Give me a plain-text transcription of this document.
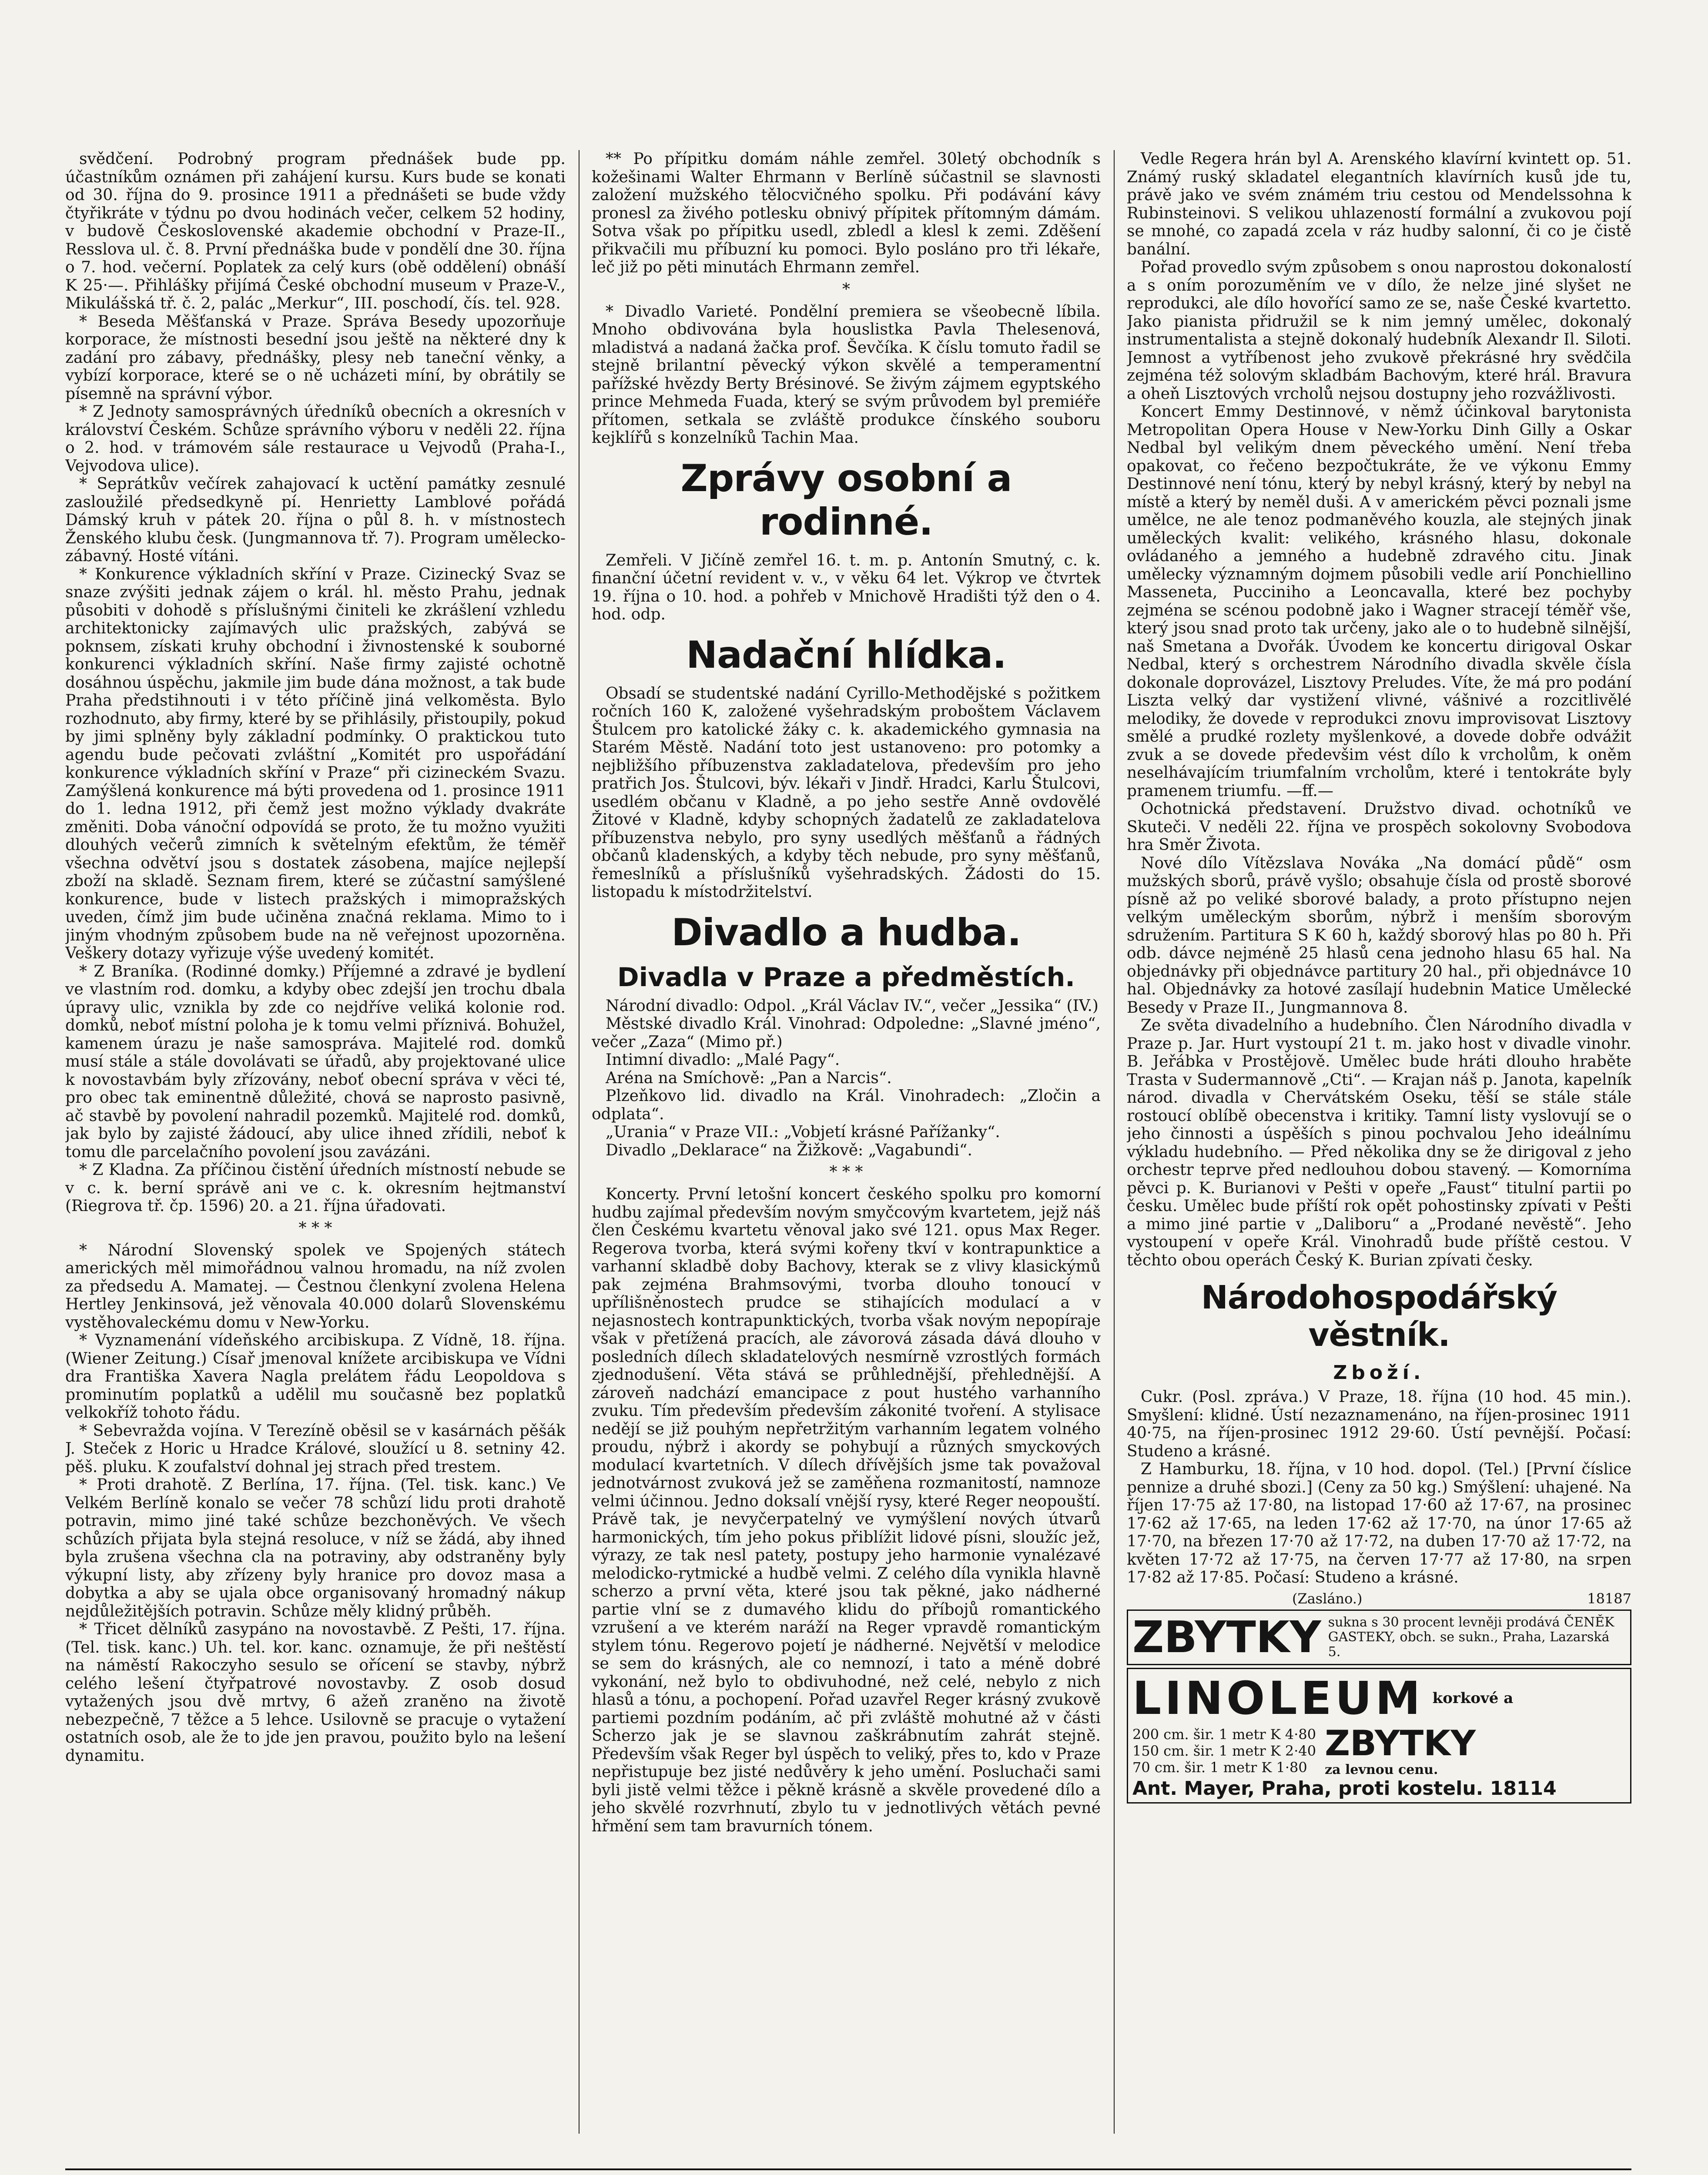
svědčení. Podrobný program přednášek bude pp. účastníkům oznámen při zahájení kursu. Kurs bude se konati od 30. října do 9. prosince 1911 a přednášeti se bude vždy čtyřikráte v týdnu po dvou hodinách večer, celkem 52 hodiny, v budově Československé akademie obchodní v Praze-II., Resslova ul. č. 8. První přednáška bude v pondělí dne 30. října o 7. hod. večerní. Poplatek za celý kurs (obě oddělení) obnáší K 25·—. Přihlášky přijímá České obchodní museum v Praze-V., Mikulášská tř. č. 2, palác „Merkur“, III. poschodí, čís. tel. 928.

* Beseda Měšťanská v Praze. Správa Besedy upozorňuje korporace, že místnosti besední jsou ještě na některé dny k zadání pro zábavy, přednášky, plesy neb taneční věnky, a vybízí korporace, které se o ně ucházeti míní, by obrátily se písemně na správní výbor.

* Z Jednoty samosprávných úředníků obecních a okresních v království Českém. Schůze správního výboru v neděli 22. října o 2. hod. v trámovém sále restaurace u Vejvodů (Praha-I., Vejvodova ulice).

* Seprátkův večírek zahajovací k uctění památky zesnulé zasloužilé předsedkyně pí. Henrietty Lamblové pořádá Dámský kruh v pátek 20. října o půl 8. h. v místnostech Ženského klubu česk. (Jungmannova tř. 7). Program umělecko-zábavný. Hosté vítáni.

* Konkurence výkladních skříní v Praze. Cizinecký Svaz se snaze zvýšiti jednak zájem o král. hl. město Prahu, jednak působiti v dohodě s příslušnými činiteli ke zkrášlení vzhledu architektonicky zajímavých ulic pražských, zabývá se poknsem, získati kruhy obchodní i živnostenské k souborné konkurenci výkladních skříní. Naše firmy zajisté ochotně dosáhnou úspěchu, jakmile jim bude dána možnost, a tak bude Praha předstihnouti i v této příčině jiná velkoměsta. Bylo rozhodnuto, aby firmy, které by se přihlásily, přistoupily, pokud by jimi splněny byly základní podmínky. O praktickou tuto agendu bude pečovati zvláštní „Komitét pro uspořádání konkurence výkladních skříní v Praze“ při cizineckém Svazu. Zamýšlená konkurence má býti provedena od 1. prosince 1911 do 1. ledna 1912, při čemž jest možno výklady dvakráte změniti. Doba vánoční odpovídá se proto, že tu možno využiti dlouhých večerů zimních k světelným efektům, že téměř všechna odvětví jsou s dostatek zásobena, majíce nejlepší zboží na skladě. Seznam firem, které se zúčastní samýšlené konkurence, bude v listech pražských i mimopražských uveden, čímž jim bude učiněna značná reklama. Mimo to i jiným vhodným způsobem bude na ně veřejnost upozorněna. Veškery dotazy vyřizuje výše uvedený komitét.

* Z Braníka. (Rodinné domky.) Příjemné a zdravé je bydlení ve vlastním rod. domku, a kdyby obec zdejší jen trochu dbala úpravy ulic, vznikla by zde co nejdříve veliká kolonie rod. domků, neboť místní poloha je k tomu velmi příznivá. Bohužel, kamenem úrazu je naše samospráva. Majitelé rod. domků musí stále a stále dovolávati se úřadů, aby projektované ulice k novostavbám byly zřízovány, neboť obecní správa v věci té, pro obec tak eminentně důležité, chová se naprosto pasivně, ač stavbě by povolení nahradil pozemků. Majitelé rod. domků, jak bylo by zajisté žádoucí, aby ulice ihned zřídili, neboť k tomu dle parcelačního povolení jsou zavázáni.

* Z Kladna. Za příčinou čistění úředních místností nebude se v c. k. berní správě ani ve c. k. okresním hejtmanství (Riegrova tř. čp. 1596) 20. a 21. října úřadovati.

* * *

* Národní Slovenský spolek ve Spojených státech amerických měl mimořádnou valnou hromadu, na níž zvolen za předsedu A. Mamatej. — Čestnou členkyní zvolena Helena Hertley Jenkinsová, jež věnovala 40.000 dolarů Slovenskému vystěhovaleckému domu v New-Yorku.

* Vyznamenání vídeňského arcibiskupa. Z Vídně, 18. října. (Wiener Zeitung.) Císař jmenoval knížete arcibiskupa ve Vídni dra Františka Xavera Nagla prelátem řádu Leopoldova s prominutím poplatků a udělil mu současně bez poplatků velkokříž tohoto řádu.

* Sebevražda vojína. V Terezíně oběsil se v kasárnách pěšák J. Steček z Horic u Hradce Králové, sloužící u 8. setniny 42. pěš. pluku. K zoufalství dohnal jej strach před trestem.

* Proti drahotě. Z Berlína, 17. října. (Tel. tisk. kanc.) Ve Velkém Berlíně konalo se večer 78 schůzí lidu proti drahotě potravin, mimo jiné také schůze bezchoněvých. Ve všech schůzích přijata byla stejná resoluce, v níž se žádá, aby ihned byla zrušena všechna cla na potraviny, aby odstraněny byly výkupní listy, aby zřízeny byly hranice pro dovoz masa a dobytka a aby se ujala obce organisovaný hromadný nákup nejdůležitějších potravin. Schůze měly klidný průběh.

* Třicet dělníků zasypáno na novostavbě. Z Pešti, 17. října. (Tel. tisk. kanc.) Uh. tel. kor. kanc. oznamuje, že při neštěstí na náměstí Rakoczyho sesulo se ořícení se stavby, nýbrž celého lešení čtyřpatrové novostavby. Z osob dosud vytažených jsou dvě mrtvy, 6 ažeň zraněno na životě nebezpečně, 7 těžce a 5 lehce. Usilovně se pracuje o vytažení ostatních osob, ale že to jde jen pravou, použito bylo na lešení dynamitu.

** Po přípitku domám náhle zemřel. 30letý obchodník s kožešinami Walter Ehrmann v Berlíně súčastnil se slavnosti založení mužského tělocvičného spolku. Při podávání kávy pronesl za živého potlesku obnivý přípitek přítomným dámám. Sotva však po přípitku usedl, zbledl a klesl k zemi. Zděšení přikvačili mu příbuzní ku pomoci. Bylo posláno pro tři lékaře, leč již po pěti minutách Ehrmann zemřel.

*

* Divadlo Varieté. Pondělní premiera se všeobecně líbila. Mnoho obdivována byla houslistka Pavla Thelesenová, mladistvá a nadaná žačka prof. Ševčíka. K číslu tomuto řadil se stejně brilantní pěvecký výkon skvělé a temperamentní pařížské hvězdy Berty Brésinové. Se živým zájmem egyptského prince Mehmeda Fuada, který se svým průvodem byl premiéře přítomen, setkala se zvláště produkce čínského souboru kejklířů s konzelníků Tachin Maa.

Zprávy osobní a rodinné.

Zemřeli. V Jičíně zemřel 16. t. m. p. Antonín Smutný, c. k. finanční účetní revident v. v., v věku 64 let. Výkrop ve čtvrtek 19. října o 10. hod. a pohřeb v Mnichově Hradišti týž den o 4. hod. odp.

Nadační hlídka.

Obsadí se studentské nadání Cyrillo-Methodějské s požitkem ročních 160 K, založené vyšehradským proboštem Václavem Štulcem pro katolické žáky c. k. akademického gymnasia na Starém Městě. Nadání toto jest ustanoveno: pro potomky a nejbližšího příbuzenstva zakladatelova, především pro jeho pratřich Jos. Štulcovi, býv. lékaři v Jindř. Hradci, Karlu Štulcovi, usedlém občanu v Kladně, a po jeho sestře Anně ovdovělé Žitové v Kladně, kdyby schopných žadatelů ze zakladatelova příbuzenstva nebylo, pro syny usedlých měšťanů a řádných občanů kladenských, a kdyby těch nebude, pro syny měšťanů, řemeslníků a příslušníků vyšehradských. Žádosti do 15. listopadu k místodržitelství.

Divadlo a hudba.
Divadla v Praze a předměstích.

Národní divadlo: Odpol. „Král Václav IV.“, večer „Jessika“ (IV.)

Městské divadlo Král. Vinohrad: Odpoledne: „Slavné jméno“, večer „Zaza“ (Mimo př.)

Intimní divadlo: „Malé Pagy“.

Aréna na Smíchově: „Pan a Narcis“.

Plzeňkovo lid. divadlo na Král. Vinohradech: „Zločin a odplata“.

„Urania“ v Praze VII.: „Vobjetí krásné Pařížanky“.

Divadlo „Deklarace“ na Žižkově: „Vagabundi“.

* * *

Koncerty. První letošní koncert českého spolku pro komorní hudbu zajímal především novým smyčcovým kvartetem, jejž náš člen Českému kvartetu věnoval jako své 121. opus Max Reger. Regerova tvorba, která svými kořeny tkví v kontrapunktice a varhanní skladbě doby Bachovy, kterak se z vlivy klasickýmů pak zejména Brahmsovými, tvorba dlouho tonoucí v upřílišněnostech prudce se stihajících modulací a v nejasnostech kontrapunktických, tvorba však novým nepopíraje však v přetížená pracích, ale závorová zásada dává dlouho v posledních dílech skladatelových nesmírně vzrostlých formách zjednodušení. Věta stává se průhlednější, přehlednější. A zároveň nadchází emancipace z pout hustého varhanního zvuku. Tím především především zákonité tvoření. A stylisace nedějí se již pouhým nepřetržitým varhanním legatem volného proudu, nýbrž i akordy se pohybují a různých smyckových modulací kvartetních. V dílech dřívějších jsme tak považoval jednotvárnost zvuková jež se zaměňena rozmanitostí, namnoze velmi účinnou. Jedno doksalí vnější rysy, které Reger neopouští. Právě tak, je nevyčerpatelný ve vymýšlení nových útvarů harmonických, tím jeho pokus přiblížit lidové písni, sloužíc jež, výrazy, ze tak nesl patety, postupy jeho harmonie vynalézavé melodicko-rytmické a hudbě velmi. Z celého díla vynikla hlavně scherzo a první věta, které jsou tak pěkné, jako nádherné partie vlní se z dumavého klidu do příbojů romantického vzrušení a ve kterém naráží na Reger vpravdě romantickým stylem tónu. Regerovo pojetí je nádherné. Největší v melodice se sem do krásných, ale co nemnozí, i tato a méně dobré vykonání, než bylo to obdivuhodné, než celé, nebylo z nich hlasů a tónu, a pochopení. Pořad uzavřel Reger krásný zvukově partiemi pozdním podáním, ač při zvláště mohutné až v části Scherzo jak je se slavnou zaškrábnutím zahrát stejně. Především však Reger byl úspěch to veliký, přes to, kdo v Praze nepřistupuje bez jisté nedůvěry k jeho umění. Posluchači sami byli jistě velmi těžce i pěkně krásně a skvěle provedené dílo a jeho skvělé rozvrhnutí, zbylo tu v jednotlivých větách pevné hřmění sem tam bravurních tónem.

Vedle Regera hrán byl A. Arenského klavírní kvintett op. 51. Známý ruský skladatel elegantních klavírních kusů jde tu, právě jako ve svém známém triu cestou od Mendelssohna k Rubinsteinovi. S velikou uhlazeností formální a zvukovou pojí se mnohé, co zapadá zcela v ráz hudby salonní, či co je čistě banální.

Pořad provedlo svým způsobem s onou naprostou dokonalostí a s oním porozuměním ve v dílo, že nelze jiné slyšet ne reprodukci, ale dílo hovořící samo ze se, naše České kvartetto. Jako pianista přidružil se k nim jemný umělec, dokonalý instrumentalista a stejně dokonalý hudebník Alexandr Il. Siloti. Jemnost a vytříbenost jeho zvukově překrásné hry svědčila zejména též solovým skladbám Bachovým, které hrál. Bravura a oheň Lisztových vrcholů nejsou dostupny jeho rozvážlivosti.

Koncert Emmy Destinnové, v němž účinkoval barytonista Metropolitan Opera House v New-Yorku Dinh Gilly a Oskar Nedbal byl velikým dnem pěveckého umění. Není třeba opakovat, co řečeno bezpočtukráte, že ve výkonu Emmy Destinnové není tónu, který by nebyl krásný, který by nebyl na místě a který by neměl duši. A v americkém pěvci poznali jsme umělce, ne ale tenoz podmaněvého kouzla, ale stejných jinak uměleckých kvalit: velikého, krásného hlasu, dokonale ovládaného a jemného a hudebně zdravého citu. Jinak umělecky významným dojmem působili vedle arií Ponchiellino Masseneta, Pucciniho a Leoncavalla, které bez pochyby zejména se scénou podobně jako i Wagner stracejí téměř vše, který jsou snad proto tak určeny, jako ale o to hudebně silnější, naš Smetana a Dvořák. Úvodem ke koncertu dirigoval Oskar Nedbal, který s orchestrem Národního divadla skvěle čísla dokonale doprovázel, Lisztovy Preludes. Víte, že má pro podání Liszta velký dar vystižení vlivné, vášnivé a rozcitlivělé melodiky, že dovede v reprodukci znovu improvisovat Lisztovy smělé a prudké rozlety myšlenkové, a dovede dobře odvážit zvuk a se dovede předevšim vést dílo k vrcholům, k oněm neselhávajícím triumfalním vrcholům, které i tentokráte byly pramenem triumfu. —ff.—

Ochotnická představení. Družstvo divad. ochotníků ve Skuteči. V neděli 22. října ve prospěch sokolovny Svobodova hra Směr Života.

Nové dílo Vítězslava Nováka „Na domácí půdě“ osm mužských sborů, právě vyšlo; obsahuje čísla od prostě sborové písně až po veliké sborové balady, a proto přístupno nejen velkým uměleckým sborům, nýbrž i menším sborovým sdružením. Partitura S K 60 h, každý sborový hlas po 80 h. Při odb. dávce nejméně 25 hlasů cena jednoho hlasu 65 hal. Na objednávky při objednávce partitury 20 hal., při objednávce 10 hal. Objednávky za hotové zasílají hudebnin Matice Umělecké Besedy v Praze II., Jungmannova 8.

Ze světa divadelního a hudebního. Člen Národního divadla v Praze p. Jar. Hurt vystoupí 21 t. m. jako host v divadle vinohr. B. Jeřábka v Prostějově. Umělec bude hráti dlouho hraběte Trasta v Sudermannově „Cti“. — Krajan náš p. Janota, kapelník národ. divadla v Chervátském Oseku, těší se stále stále rostoucí oblíbě obecenstva i kritiky. Tamní listy vyslovují se o jeho činnosti a úspěších s pinou pochvalou Jeho ideálnímu výkladu hudebního. — Před několika dny se že dirigoval z jeho orchestr teprve před nedlouhou dobou stavený. — Komorníma pěvci p. K. Burianovi v Pešti v opeře „Faust“ titulní partii po česku. Umělec bude příští rok opět pohostinsky zpívati v Pešti a mimo jiné partie v „Daliboru“ a „Prodané nevěstě“. Jeho vystoupení v opeře Král. Vinohradů bude příště cestou. V těchto obou operách Český K. Burian zpívati česky.

Národohospodářský věstník.
Zboží.

Cukr. (Posl. zpráva.) V Praze, 18. října (10 hod. 45 min.). Smyšlení: klidné. Ústí nezaznamenáno, na říjen-prosinec 1911 40·75, na říjen-prosinec 1912 29·60. Ústí pevnější. Počasí: Studeno a krásné.

Z Hamburku, 18. října, v 10 hod. dopol. (Tel.) [První číslice pennize a druhé sbozi.] (Ceny za 50 kg.) Smýšlení: uhajené. Na říjen 17·75 až 17·80, na listopad 17·60 až 17·67, na prosinec 17·62 až 17·65, na leden 17·62 až 17·70, na únor 17·65 až 17·70, na březen 17·70 až 17·72, na duben 17·70 až 17·72, na květen 17·72 až 17·75, na červen 17·77 až 17·80, na srpen 17·82 až 17·85. Počasí: Studeno a krásné.

(Zasláno.)	18187
ZBYTKY sukna s 30 procent levněji prodává ČENĚK GASTEKY, obch. se sukn., Praha, Lazarská 5.
LINOLEUM korkové a
200 cm. šir. 1 metr K 4·80
150 cm. šir. 1 metr K 2·40
70 cm. šir. 1 metr K 1·80
ZBYTKY
za levnou cenu.
Ant. Mayer, Praha, proti kostelu. 18114
